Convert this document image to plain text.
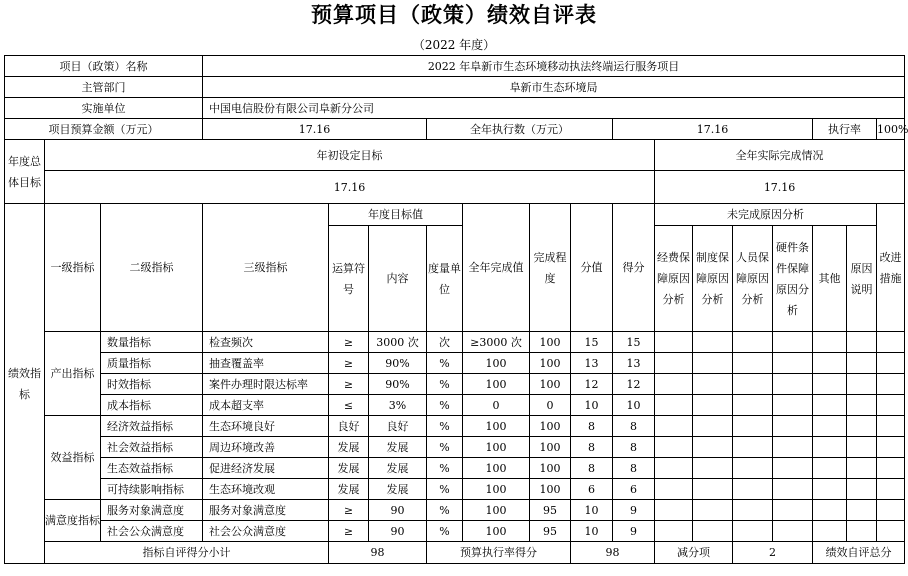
预算项目（政策）绩效自评表
（2022 年度）
项目（政策）名称			2022 年阜新市生态环境移动执法终端运行服务项目															
主管部门			阜新市生态环境局															
实施单位			中国电信股份有限公司阜新分公司															
项目预算金额（万元）			17.16			全年执行数（万元）				17.16					执行率		100%	
年度总体目标	年初设定目标										全年实际完成情况							
	17.16										17.16							
绩效指标	一级指标	二级指标	三级指标	年度目标值			全年完成值	完成程度	分值	得分	未完成原因分析						改进措施	
				运算符号	内容	度量单位					经费保障原因分析	制度保障原因分析	人员保障原因分析	硬件条件保障原因分析	其他	原因说明		
	产出指标	数量指标	检查频次	≥	3000 次	次	≥3000 次	100	15	15								
		质量指标	抽查覆盖率	≥	90%	%	100	100	13	13								
		时效指标	案件办理时限达标率	≥	90%	%	100	100	12	12								
		成本指标	成本超支率	≤	3%	%	0	0	10	10								
	效益指标	经济效益指标	生态环境良好	良好	良好	%	100	100	8	8								
		社会效益指标	周边环境改善	发展	发展	%	100	100	8	8								
		生态效益指标	促进经济发展	发展	发展	%	100	100	8	8								
		可持续影响指标	生态环境改观	发展	发展	%	100	100	6	6								
	满意度指标	服务对象满意度	服务对象满意度	≥	90	%	100	95	10	9								
		社会公众满意度	社会公众满意度	≥	90	%	100	95	10	9								
	指标自评得分小计			98		预算执行率得分			98		减分项		2		绩效自评总分	
